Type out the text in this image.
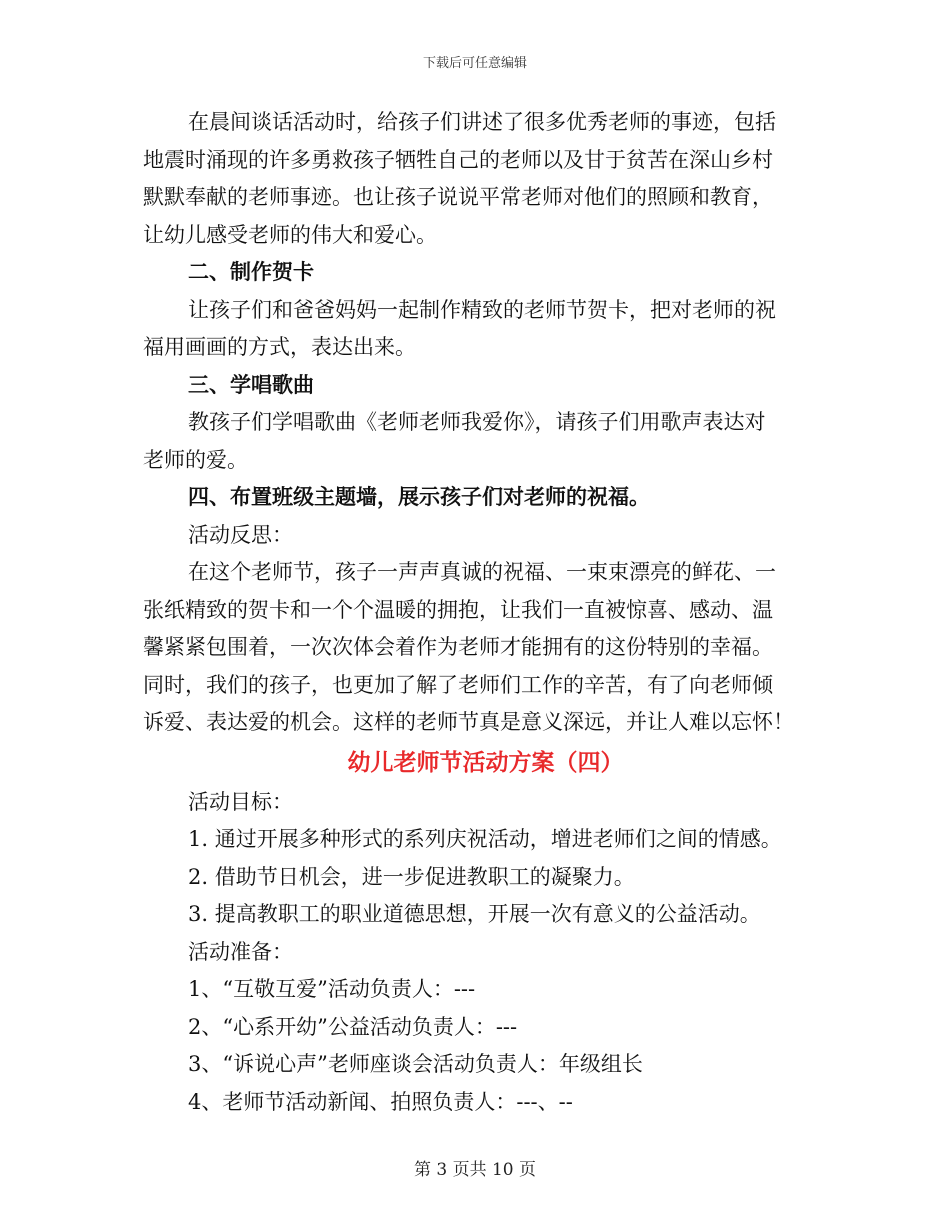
下载后可任意编辑

在晨间谈话活动时，给孩子们讲述了很多优秀老师的事迹，包括

地震时涌现的许多勇救孩子牺牲自己的老师以及甘于贫苦在深山乡村

默默奉献的老师事迹。也让孩子说说平常老师对他们的照顾和教育，

让幼儿感受老师的伟大和爱心。

二、制作贺卡

让孩子们和爸爸妈妈一起制作精致的老师节贺卡，把对老师的祝

福用画画的方式，表达出来。

三、学唱歌曲

教孩子们学唱歌曲《老师老师我爱你》，请孩子们用歌声表达对

老师的爱。

四、布置班级主题墙，展示孩子们对老师的祝福。

活动反思：

在这个老师节，孩子一声声真诚的祝福、一束束漂亮的鲜花、一

张纸精致的贺卡和一个个温暖的拥抱，让我们一直被惊喜、感动、温

馨紧紧包围着，一次次体会着作为老师才能拥有的这份特别的幸福。

同时，我们的孩子，也更加了解了老师们工作的辛苦，有了向老师倾

诉爱、表达爱的机会。这样的老师节真是意义深远，并让人难以忘怀！

幼儿老师节活动方案（四）

活动目标：

1. 通过开展多种形式的系列庆祝活动，增进老师们之间的情感。

2. 借助节日机会，进一步促进教职工的凝聚力。

3. 提高教职工的职业道德思想，开展一次有意义的公益活动。

活动准备：

1、“互敬互爱”活动负责人：---

2、“心系开幼”公益活动负责人：---

3、“诉说心声”老师座谈会活动负责人：年级组长

4、老师节活动新闻、拍照负责人：---、--

第 3 页共 10 页
